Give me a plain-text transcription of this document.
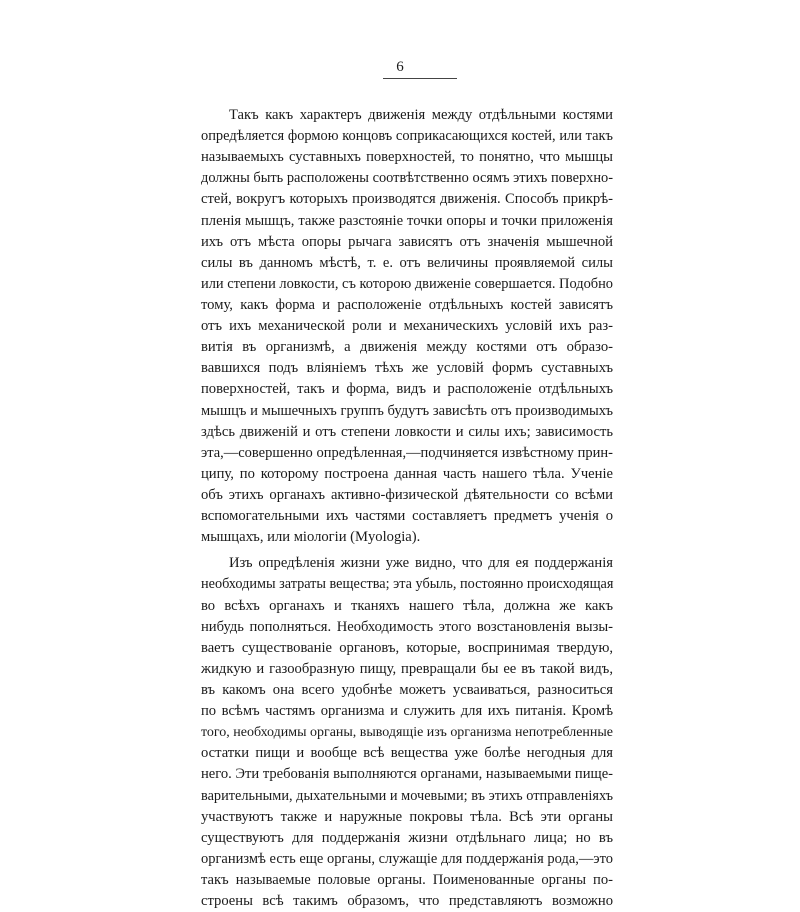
6
Такъ какъ характеръ движенія между отдѣльными костями
опредѣляется формою концовъ соприкасающихся костей, или такъ
называемыхъ суставныхъ поверхностей, то понятно, что мышцы
должны быть расположены соотвѣтственно осямъ этихъ поверхно-
стей, вокругъ которыхъ производятся движенія. Способъ прикрѣ-
пленія мышцъ, также разстояніе точки опоры и точки приложенія
ихъ отъ мѣста опоры рычага зависятъ отъ значенія мышечной
силы въ данномъ мѣстѣ, т. е. отъ величины проявляемой силы
или степени ловкости, съ которою движеніе совершается. Подобно
тому, какъ форма и расположеніе отдѣльныхъ костей зависятъ
отъ ихъ механической роли и механическихъ условій ихъ раз-
витія въ организмѣ, а движенія между костями отъ образо-
вавшихся подъ вліяніемъ тѣхъ же условій формъ суставныхъ
поверхностей, такъ и форма, видъ и расположеніе отдѣльныхъ
мышцъ и мышечныхъ группъ будутъ зависѣть отъ производимыхъ
здѣсь движеній и отъ степени ловкости и силы ихъ; зависимость
эта,—совершенно опредѣленная,—подчиняется извѣстному прин-
ципу, по которому построена данная часть нашего тѣла. Ученіе
объ этихъ органахъ активно-физической дѣятельности со всѣми
вспомогательными ихъ частями составляетъ предметъ ученія о
мышцахъ, или міологіи (Myologia).
Изъ опредѣленія жизни уже видно, что для ея поддержанія
необходимы затраты вещества; эта убыль, постоянно происходящая
во всѣхъ органахъ и тканяхъ нашего тѣла, должна же какъ
нибудь пополняться. Необходимость этого возстановленія вызы-
ваетъ существованіе органовъ, которые, воспринимая твердую,
жидкую и газообразную пищу, превращали бы ее въ такой видъ,
въ какомъ она всего удобнѣе можетъ усваиваться, разноситься
по всѣмъ частямъ организма и служить для ихъ питанія. Кромѣ
того, необходимы органы, выводящіе изъ организма непотребленные
остатки пищи и вообще всѣ вещества уже болѣе негодныя для
него. Эти требованія выполняются органами, называемыми пище-
варительными, дыхательными и мочевыми; въ этихъ отправленіяхъ
участвуютъ также и наружные покровы тѣла. Всѣ эти органы
существуютъ для поддержанія жизни отдѣльнаго лица; но въ
организмѣ есть еще органы, служащіе для поддержанія рода,—это
такъ называемые половые органы. Поименованные органы по-
строены всѣ такимъ образомъ, что представляютъ возможно
